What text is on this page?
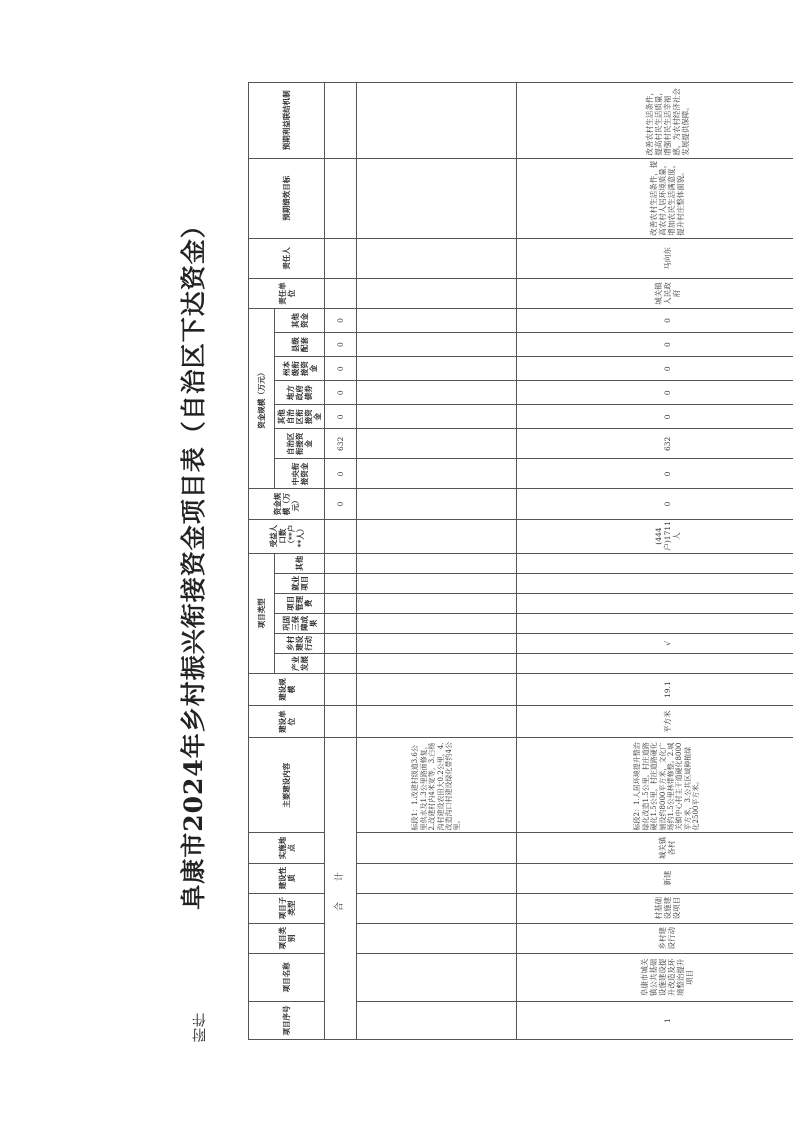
附件
阜康市2024年乡村振兴衔接资金项目表（自治区下达资金）
项目序号	项目名称	项目类别	项目子类型	建设性质	实施地点	主要建设内容	建设单位	建设规模	项目类型						受益人口数（**户**人）	资金规模（万元）	资金规模（万元）							责任单位	责任人	预期绩效目标	预期利益联结机制
									产业发展	乡村建设行动	巩固三保障成果	项目管理费	就业项目	其他			中央衔接资金	自治区衔接资金	其他自治区衔接资金	地方政府债券	州本级衔接资金	县级配套	其他资金				
合　计																0	0	632	0	0	0	0	0				
						标段1：1.改建村级道3.6公里供水及1.3公里路面修复，2.改建村内4米宽等，3.白杨沟村建设农田大0.2公里，4.改造沟口村建设绿化带约4公里。																					
1	阜康市城关镇公共基础设施建设提升改造及环境整治提升项目	乡村建设行动	村基础设施建设项目	新建	城关镇各村	标段2：1.人居环境提升整治绿化改造1.5公里，村庄道路硬化1.5公里，村庄道路硬化铺设约8000平方米，文化广场约1.5公里林带修整。2.城关镇中心村主干道硬化8000平方米，3.公共区域种植绿化2500平方米。	平方米	19.1		√					(444户)1711人	0	0	632	0	0	0	0	0	城关镇人民政府	马向东	改善农村生活条件，提高农村人居环境质量，增加农民生活满意度，提升村庄整体面貌。	改善农村生活条件，提高村民生活质量，增强村民生活幸福感，为农村经济社会发展提供保障。
